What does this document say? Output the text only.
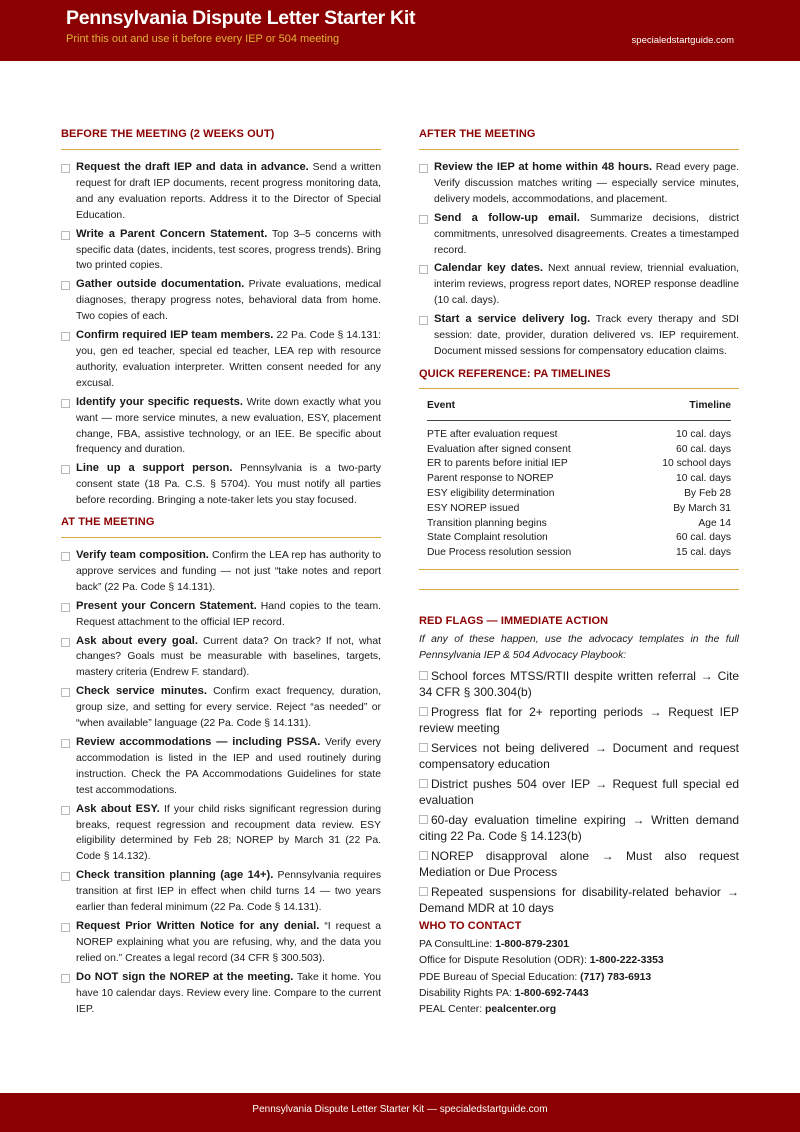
Pennsylvania Dispute Letter Starter Kit
Print this out and use it before every IEP or 504 meeting	specialedstartguide.com
BEFORE THE MEETING (2 WEEKS OUT)
Request the draft IEP and data in advance. Send a written request for draft IEP documents, recent progress monitoring data, and any evaluation reports. Address it to the Director of Special Education.
Write a Parent Concern Statement. Top 3–5 concerns with specific data (dates, incidents, test scores, progress trends). Bring two printed copies.
Gather outside documentation. Private evaluations, medical diagnoses, therapy progress notes, behavioral data from home. Two copies of each.
Confirm required IEP team members. 22 Pa. Code § 14.131: you, gen ed teacher, special ed teacher, LEA rep with resource authority, evaluation interpreter. Written consent needed for any excusal.
Identify your specific requests. Write down exactly what you want — more service minutes, a new evaluation, ESY, placement change, FBA, assistive technology, or an IEE. Be specific about frequency and duration.
Line up a support person. Pennsylvania is a two-party consent state (18 Pa. C.S. § 5704). You must notify all parties before recording. Bringing a note-taker lets you stay focused.
AT THE MEETING
Verify team composition. Confirm the LEA rep has authority to approve services and funding — not just “take notes and report back” (22 Pa. Code § 14.131).
Present your Concern Statement. Hand copies to the team. Request attachment to the official IEP record.
Ask about every goal. Current data? On track? If not, what changes? Goals must be measurable with baselines, targets, mastery criteria (Endrew F. standard).
Check service minutes. Confirm exact frequency, duration, group size, and setting for every service. Reject “as needed” or “when available” language (22 Pa. Code § 14.131).
Review accommodations — including PSSA. Verify every accommodation is listed in the IEP and used routinely during instruction. Check the PA Accommodations Guidelines for state test accommodations.
Ask about ESY. If your child risks significant regression during breaks, request regression and recoupment data review. ESY eligibility determined by Feb 28; NOREP by March 31 (22 Pa. Code § 14.132).
Check transition planning (age 14+). Pennsylvania requires transition at first IEP in effect when child turns 14 — two years earlier than federal minimum (22 Pa. Code § 14.131).
Request Prior Written Notice for any denial. “I request a NOREP explaining what you are refusing, why, and the data you relied on.” Creates a legal record (34 CFR § 300.503).
Do NOT sign the NOREP at the meeting. Take it home. You have 10 calendar days. Review every line. Compare to the current IEP.
AFTER THE MEETING
Review the IEP at home within 48 hours. Read every page. Verify discussion matches writing — especially service minutes, delivery models, accommodations, and placement.
Send a follow-up email. Summarize decisions, district commitments, unresolved disagreements. Creates a timestamped record.
Calendar key dates. Next annual review, triennial evaluation, interim reviews, progress report dates, NOREP response deadline (10 cal. days).
Start a service delivery log. Track every therapy and SDI session: date, provider, duration delivered vs. IEP requirement. Document missed sessions for compensatory education claims.
QUICK REFERENCE: PA TIMELINES
Event	Timeline
PTE after evaluation request	10 cal. days
Evaluation after signed consent	60 cal. days
ER to parents before initial IEP	10 school days
Parent response to NOREP	10 cal. days
ESY eligibility determination	By Feb 28
ESY NOREP issued	By March 31
Transition planning begins	Age 14
State Complaint resolution	60 cal. days
Due Process resolution session	15 cal. days
RED FLAGS — IMMEDIATE ACTION
If any of these happen, use the advocacy templates in the full Pennsylvania IEP & 504 Advocacy Playbook:
School forces MTSS/RTII despite written referral → Cite 34 CFR § 300.304(b)
Progress flat for 2+ reporting periods → Request IEP review meeting
Services not being delivered → Document and request compensatory education
District pushes 504 over IEP → Request full special ed evaluation
60-day evaluation timeline expiring → Written demand citing 22 Pa. Code § 14.123(b)
NOREP disapproval alone → Must also request Mediation or Due Process
Repeated suspensions for disability-related behavior → Demand MDR at 10 days
WHO TO CONTACT
PA ConsultLine: 1-800-879-2301
Office for Dispute Resolution (ODR): 1-800-222-3353
PDE Bureau of Special Education: (717) 783-6913
Disability Rights PA: 1-800-692-7443
PEAL Center: pealcenter.org
Pennsylvania Dispute Letter Starter Kit — specialedstartguide.com
